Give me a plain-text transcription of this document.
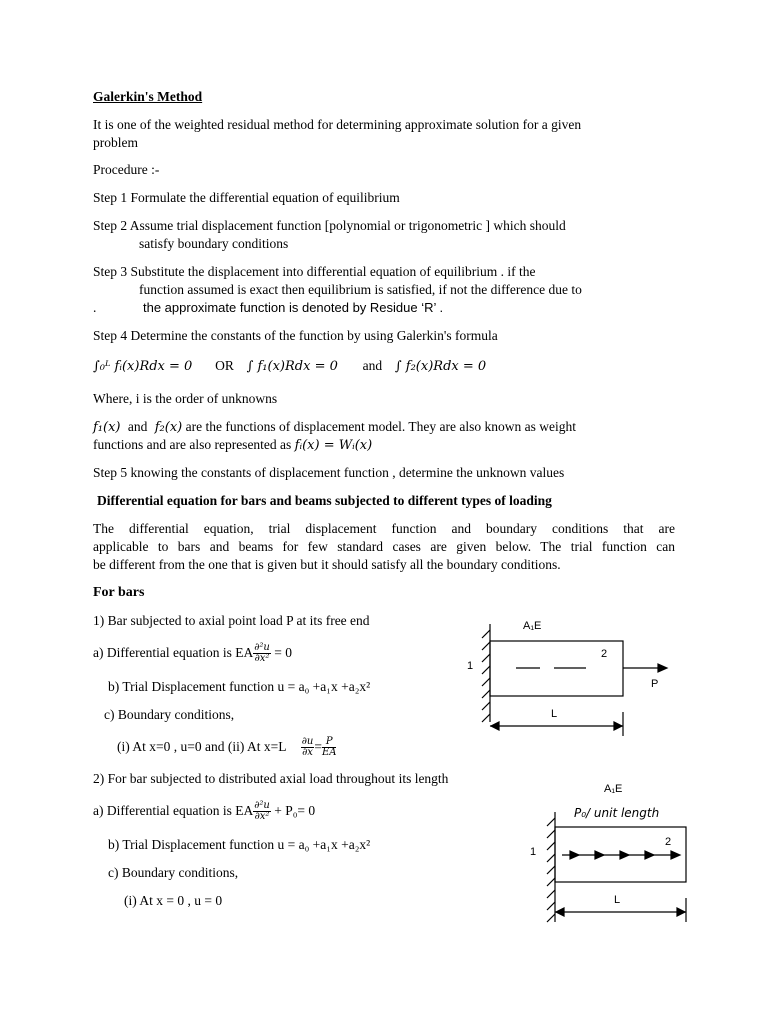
Galerkin's Method
It is one of the weighted residual method for determining approximate solution for a given
problem
Procedure :-
Step 1 Formulate the differential equation of equilibrium
Step 2 Assume trial displacement function [polynomial or trigonometric ] which should
satisfy boundary conditions
Step 3 Substitute the displacement into differential equation of equilibrium . if the
function assumed is exact then equilibrium is satisfied, if not the difference due to
.	the approximate function is denoted by Residue ‘R’ .
Step 4 Determine the constants of the function by using Galerkin's formula
∫₀ᴸ fᵢ(x)Rdx = 0 OR ∫ f₁(x)Rdx = 0 and ∫ f₂(x)Rdx = 0
Where, i is the order of unknowns
f₁(x) and f₂(x) are the functions of displacement model. They are also known as weight
functions and are also represented as fᵢ(x) = Wᵢ(x)
Step 5 knowing the constants of displacement function , determine the unknown values
Differential equation for bars and beams subjected to different types of loading
The differential equation, trial displacement function and boundary conditions that are
applicable to bars and beams for few standard cases are given below. The trial function can
be different from the one that is given but it should satisfy all the boundary conditions.
For bars
1) Bar subjected to axial point load P at its free end
a) Differential equation is EA $\frac{\text{∂²u}}{\text{∂x²}} = 0$
b) Trial Displacement function u = a₀ +a₁x +a₂x²
c) Boundary conditions,
(i) At x=0 , u=0 and (ii) At $x=L \frac{\partial u}{\partial x} = \frac{P}{EA}$
A₁E
1
2
P
L
2) For bar subjected to distributed axial load throughout its length
a) Differential equation is EA $\frac{\text{∂²u}}{\text{∂x²}} + P_0= 0$
b) Trial Displacement function u = a₀ +a₁x +a₂x²
c) Boundary conditions,
(i) At x = 0 , u = 0
A₁E
P₀/ unit length
1
2
L
